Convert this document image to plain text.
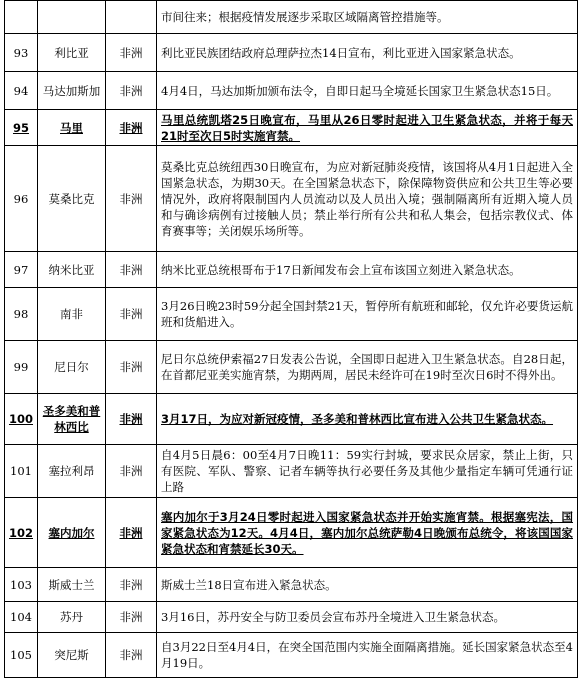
			市间往来；根据疫情发展逐步采取区域隔离管控措施等。
93	利比亚	非洲	利比亚民族团结政府总理萨拉杰14日宣布，利比亚进入国家紧急状态。
94	马达加斯加	非洲	4月4日，马达加斯加颁布法令，自即日起马全境延长国家卫生紧急状态15日。
95	马里	非洲	马里总统凯塔25日晚宣布，马里从26日零时起进入卫生紧急状态，并将于每天21时至次日5时实施宵禁。
96	莫桑比克	非洲	莫桑比克总统纽西30日晚宣布，为应对新冠肺炎疫情，该国将从4月1日起进入全国紧急状态，为期30天。在全国紧急状态下，除保障物资供应和公共卫生等必要情况外，政府将限制国内人员流动以及人员出入境；强制隔离所有近期入境人员和与确诊病例有过接触人员；禁止举行所有公共和私人集会，包括宗教仪式、体育赛事等；关闭娱乐场所等。
97	纳米比亚	非洲	纳米比亚总统根哥布于17日新闻发布会上宣布该国立刻进入紧急状态。
98	南非	非洲	3月26日晚23时59分起全国封禁21天，暂停所有航班和邮轮，仅允许必要货运航班和货船进入。
99	尼日尔	非洲	尼日尔总统伊索福27日发表公告说，全国即日起进入卫生紧急状态。自28日起，在首都尼亚美实施宵禁，为期两周，居民未经许可在19时至次日6时不得外出。
100	圣多美和普林西比	非洲	3月17日，为应对新冠疫情，圣多美和普林西比宣布进入公共卫生紧急状态。
101	塞拉利昂	非洲	自4月5日晨6：00至4月7日晚11：59实行封城，要求民众居家，禁止上街，只有医院、军队、警察、记者车辆等执行必要任务及其他少量指定车辆可凭通行证上路
102	塞内加尔	非洲	塞内加尔于3月24日零时起进入国家紧急状态并开始实施宵禁。根据塞宪法，国家紧急状态为12天。4月4日，塞内加尔总统萨勒4日晚颁布总统令，将该国国家紧急状态和宵禁延长30天。
103	斯威士兰	非洲	斯威士兰18日宣布进入紧急状态。
104	苏丹	非洲	3月16日，苏丹安全与防卫委员会宣布苏丹全境进入卫生紧急状态。
105	突尼斯	非洲	自3月22日至4月4日，在突全国范围内实施全面隔离措施。延长国家紧急状态至4月19日。
